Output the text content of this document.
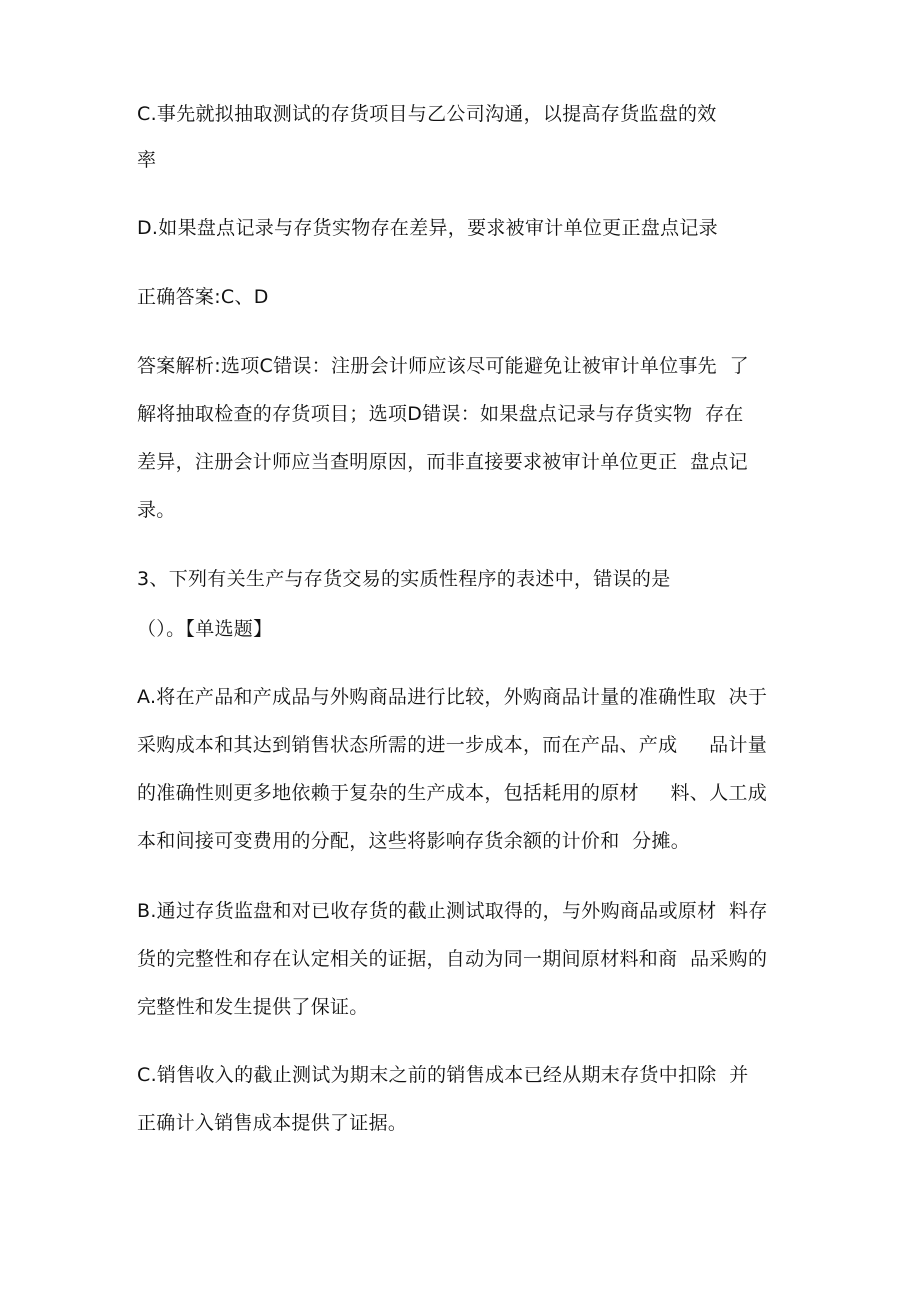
C.事先就拟抽取测试的存货项目与乙公司沟通，以提高存货监盘的效
率
D.如果盘点记录与存货实物存在差异，要求被审计单位更正盘点记录
正确答案:C、D
答案解析:选项C错误：注册会计师应该尽可能避免让被审计单位事先  了
解将抽取检查的存货项目；选项D错误：如果盘点记录与存货实物  存在
差异，注册会计师应当查明原因，而非直接要求被审计单位更正  盘点记
录。
3、下列有关生产与存货交易的实质性程序的表述中，错误的是
（）。【单选题】
A.将在产品和产成品与外购商品进行比较，外购商品计量的准确性取  决于
采购成本和其达到销售状态所需的进一步成本，而在产品、产成     品计量
的准确性则更多地依赖于复杂的生产成本，包括耗用的原材     料、人工成
本和间接可变费用的分配，这些将影响存货余额的计价和  分摊。
B.通过存货监盘和对已收存货的截止测试取得的，与外购商品或原材  料存
货的完整性和存在认定相关的证据，自动为同一期间原材料和商  品采购的
完整性和发生提供了保证。
C.销售收入的截止测试为期末之前的销售成本已经从期末存货中扣除  并
正确计入销售成本提供了证据。
